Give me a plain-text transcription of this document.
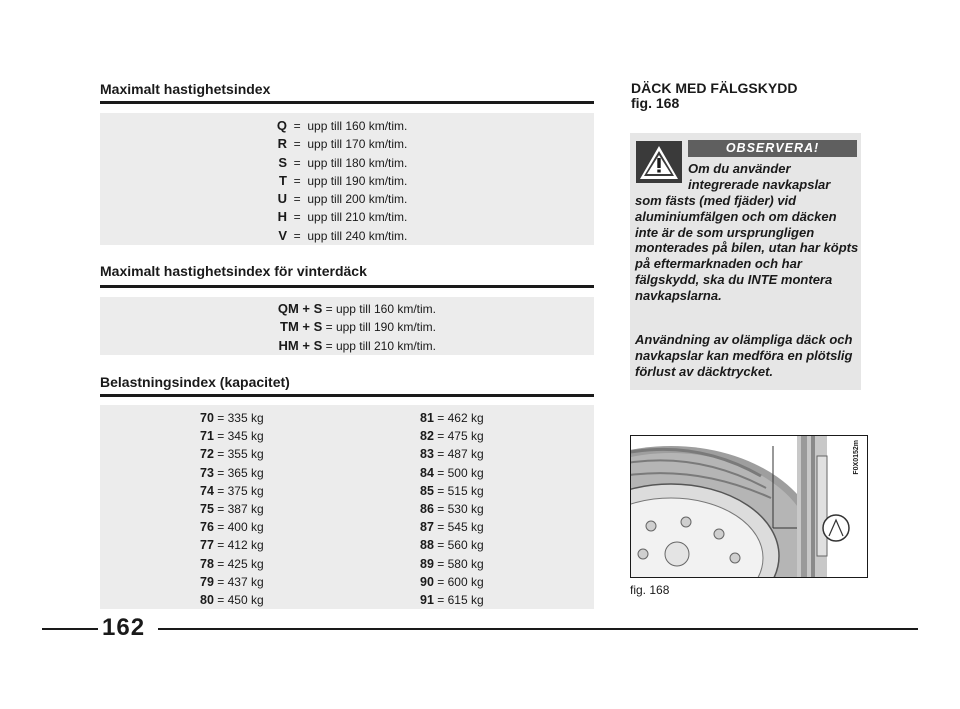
Maximalt hastighetsindex
Q  =  upp till 160 km/tim.
R  =  upp till 170 km/tim.
S  =  upp till 180 km/tim.
T  =  upp till 190 km/tim.
U  =  upp till 200 km/tim.
H  =  upp till 210 km/tim.
V  =  upp till 240 km/tim.
Maximalt hastighetsindex för vinterdäck
QM + S = upp till 160 km/tim.
TM + S = upp till 190 km/tim.
HM + S = upp till 210 km/tim.
Belastningsindex (kapacitet)
70 = 335 kg
71 = 345 kg
72 = 355 kg
73 = 365 kg
74 = 375 kg
75 = 387 kg
76 = 400 kg
77 = 412 kg
78 = 425 kg
79 = 437 kg
80 = 450 kg
81 = 462 kg
82 = 475 kg
83 = 487 kg
84 = 500 kg
85 = 515 kg
86 = 530 kg
87 = 545 kg
88 = 560 kg
89 = 580 kg
90 = 600 kg
91 = 615 kg
DÄCK MED FÄLGSKYDD
fig. 168
OBSERVERA!
Om du använder integrerade navkapslar
som fästs (med fjäder) vid aluminiumfälgen och om däcken inte är de som ursprungligen monterades på bilen, utan har köpts på eftermarknaden och har fälgskydd, ska du INTE montera navkapslarna.
Användning av olämpliga däck och navkapslar kan medföra en plötslig förlust av däcktrycket.
F0X0152m
fig. 168
162
